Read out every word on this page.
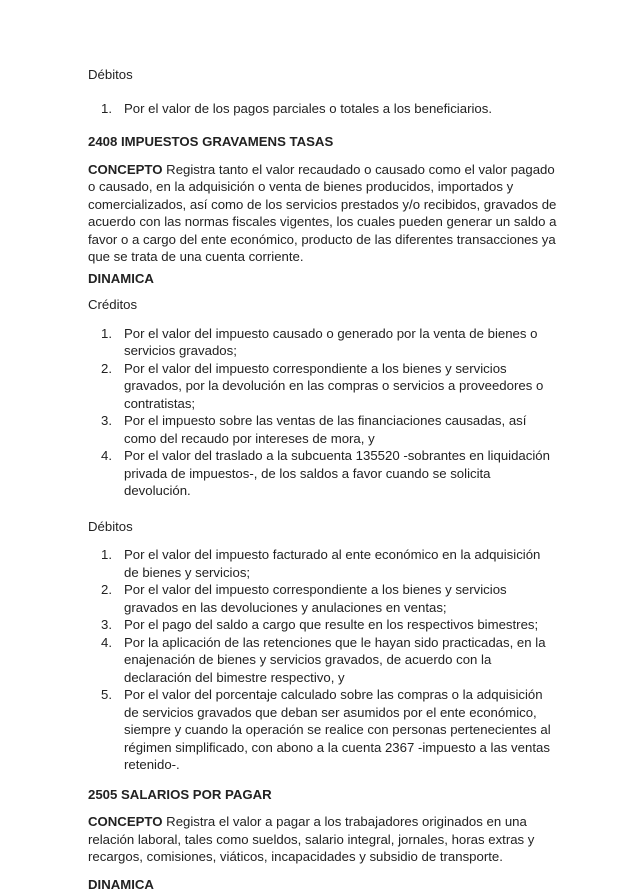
Débitos

1. Por el valor de los pagos parciales o totales a los beneficiarios.

2408 IMPUESTOS GRAVAMENS TASAS

CONCEPTO Registra tanto el valor recaudado o causado como el valor pagado o causado, en la adquisición o venta de bienes producidos, importados y comercializados, así como de los servicios prestados y/o recibidos, gravados de acuerdo con las normas fiscales vigentes, los cuales pueden generar un saldo a favor o a cargo del ente económico, producto de las diferentes transacciones ya que se trata de una cuenta corriente.

DINAMICA

Créditos

1. Por el valor del impuesto causado o generado por la venta de bienes o servicios gravados;
2. Por el valor del impuesto correspondiente a los bienes y servicios gravados, por la devolución en las compras o servicios a proveedores o contratistas;
3. Por el impuesto sobre las ventas de las financiaciones causadas, así como del recaudo por intereses de mora, y
4. Por el valor del traslado a la subcuenta 135520 -sobrantes en liquidación privada de impuestos-, de los saldos a favor cuando se solicita devolución.

Débitos

1. Por el valor del impuesto facturado al ente económico en la adquisición de bienes y servicios;
2. Por el valor del impuesto correspondiente a los bienes y servicios gravados en las devoluciones y anulaciones en ventas;
3. Por el pago del saldo a cargo que resulte en los respectivos bimestres;
4. Por la aplicación de las retenciones que le hayan sido practicadas, en la enajenación de bienes y servicios gravados, de acuerdo con la declaración del bimestre respectivo, y
5. Por el valor del porcentaje calculado sobre las compras o la adquisición de servicios gravados que deban ser asumidos por el ente económico, siempre y cuando la operación se realice con personas pertenecientes al régimen simplificado, con abono a la cuenta 2367 -impuesto a las ventas retenido-.

2505 SALARIOS POR PAGAR

CONCEPTO Registra el valor a pagar a los trabajadores originados en una relación laboral, tales como sueldos, salario integral, jornales, horas extras y recargos, comisiones, viáticos, incapacidades y subsidio de transporte.

DINAMICA
